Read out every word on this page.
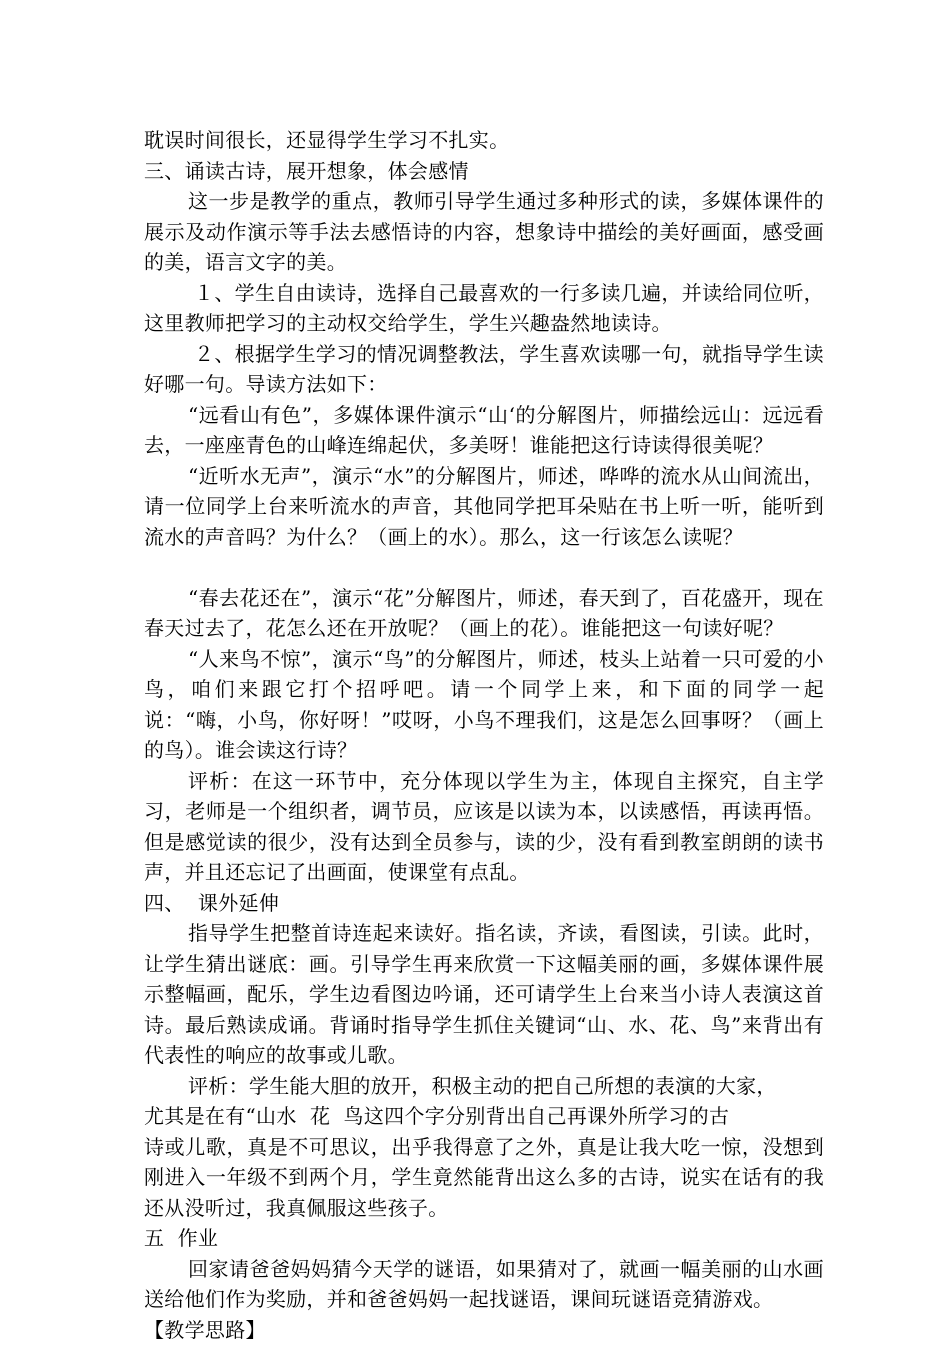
耽误时间很长，还显得学生学习不扎实。

三、诵读古诗，展开想象，体会感情

这一步是教学的重点，教师引导学生通过多种形式的读，多媒体课件的展示及动作演示等手法去感悟诗的内容，想象诗中描绘的美好画面，感受画的美，语言文字的美。

１、学生自由读诗，选择自己最喜欢的一行多读几遍，并读给同位听，这里教师把学习的主动权交给学生，学生兴趣盎然地读诗。

２、根据学生学习的情况调整教法，学生喜欢读哪一句，就指导学生读好哪一句。导读方法如下：

“远看山有色”，多媒体课件演示“山‘的分解图片，师描绘远山：远远看去，一座座青色的山峰连绵起伏，多美呀！谁能把这行诗读得很美呢？

“近听水无声”，演示“水”的分解图片，师述，哗哗的流水从山间流出，请一位同学上台来听流水的声音，其他同学把耳朵贴在书上听一听，能听到流水的声音吗？为什么？（画上的水）。那么，这一行该怎么读呢？

“春去花还在”，演示“花”分解图片，师述，春天到了，百花盛开，现在春天过去了，花怎么还在开放呢？（画上的花）。谁能把这一句读好呢？

“人来鸟不惊”，演示“鸟”的分解图片，师述，枝头上站着一只可爱的小鸟，咱们来跟它打个招呼吧。请一个同学上来，和下面的同学一起说：“嗨，小鸟，你好呀！”哎呀，小鸟不理我们，这是怎么回事呀？（画上的鸟）。谁会读这行诗？

评析：在这一环节中，充分体现以学生为主，体现自主探究，自主学习，老师是一个组织者，调节员，应该是以读为本，以读感悟，再读再悟。但是感觉读的很少，没有达到全员参与，读的少，没有看到教室朗朗的读书声，并且还忘记了出画面，使课堂有点乱。

四、  课外延伸

指导学生把整首诗连起来读好。指名读，齐读，看图读，引读。此时，让学生猜出谜底：画。引导学生再来欣赏一下这幅美丽的画，多媒体课件展示整幅画，配乐，学生边看图边吟诵，还可请学生上台来当小诗人表演这首诗。最后熟读成诵。背诵时指导学生抓住关键词“山、水、花、鸟”来背出有代表性的响应的故事或儿歌。

评析：学生能大胆的放开，积极主动的把自己所想的表演的大家，

尤其是在有“山水  花  鸟这四个字分别背出自己再课外所学习的古

诗或儿歌，真是不可思议，出乎我得意了之外，真是让我大吃一惊，没想到刚进入一年级不到两个月，学生竟然能背出这么多的古诗，说实在话有的我还从没听过，我真佩服这些孩子。

五  作业

回家请爸爸妈妈猜今天学的谜语，如果猜对了，就画一幅美丽的山水画送给他们作为奖励，并和爸爸妈妈一起找谜语，课间玩谜语竞猜游戏。

【教学思路】
